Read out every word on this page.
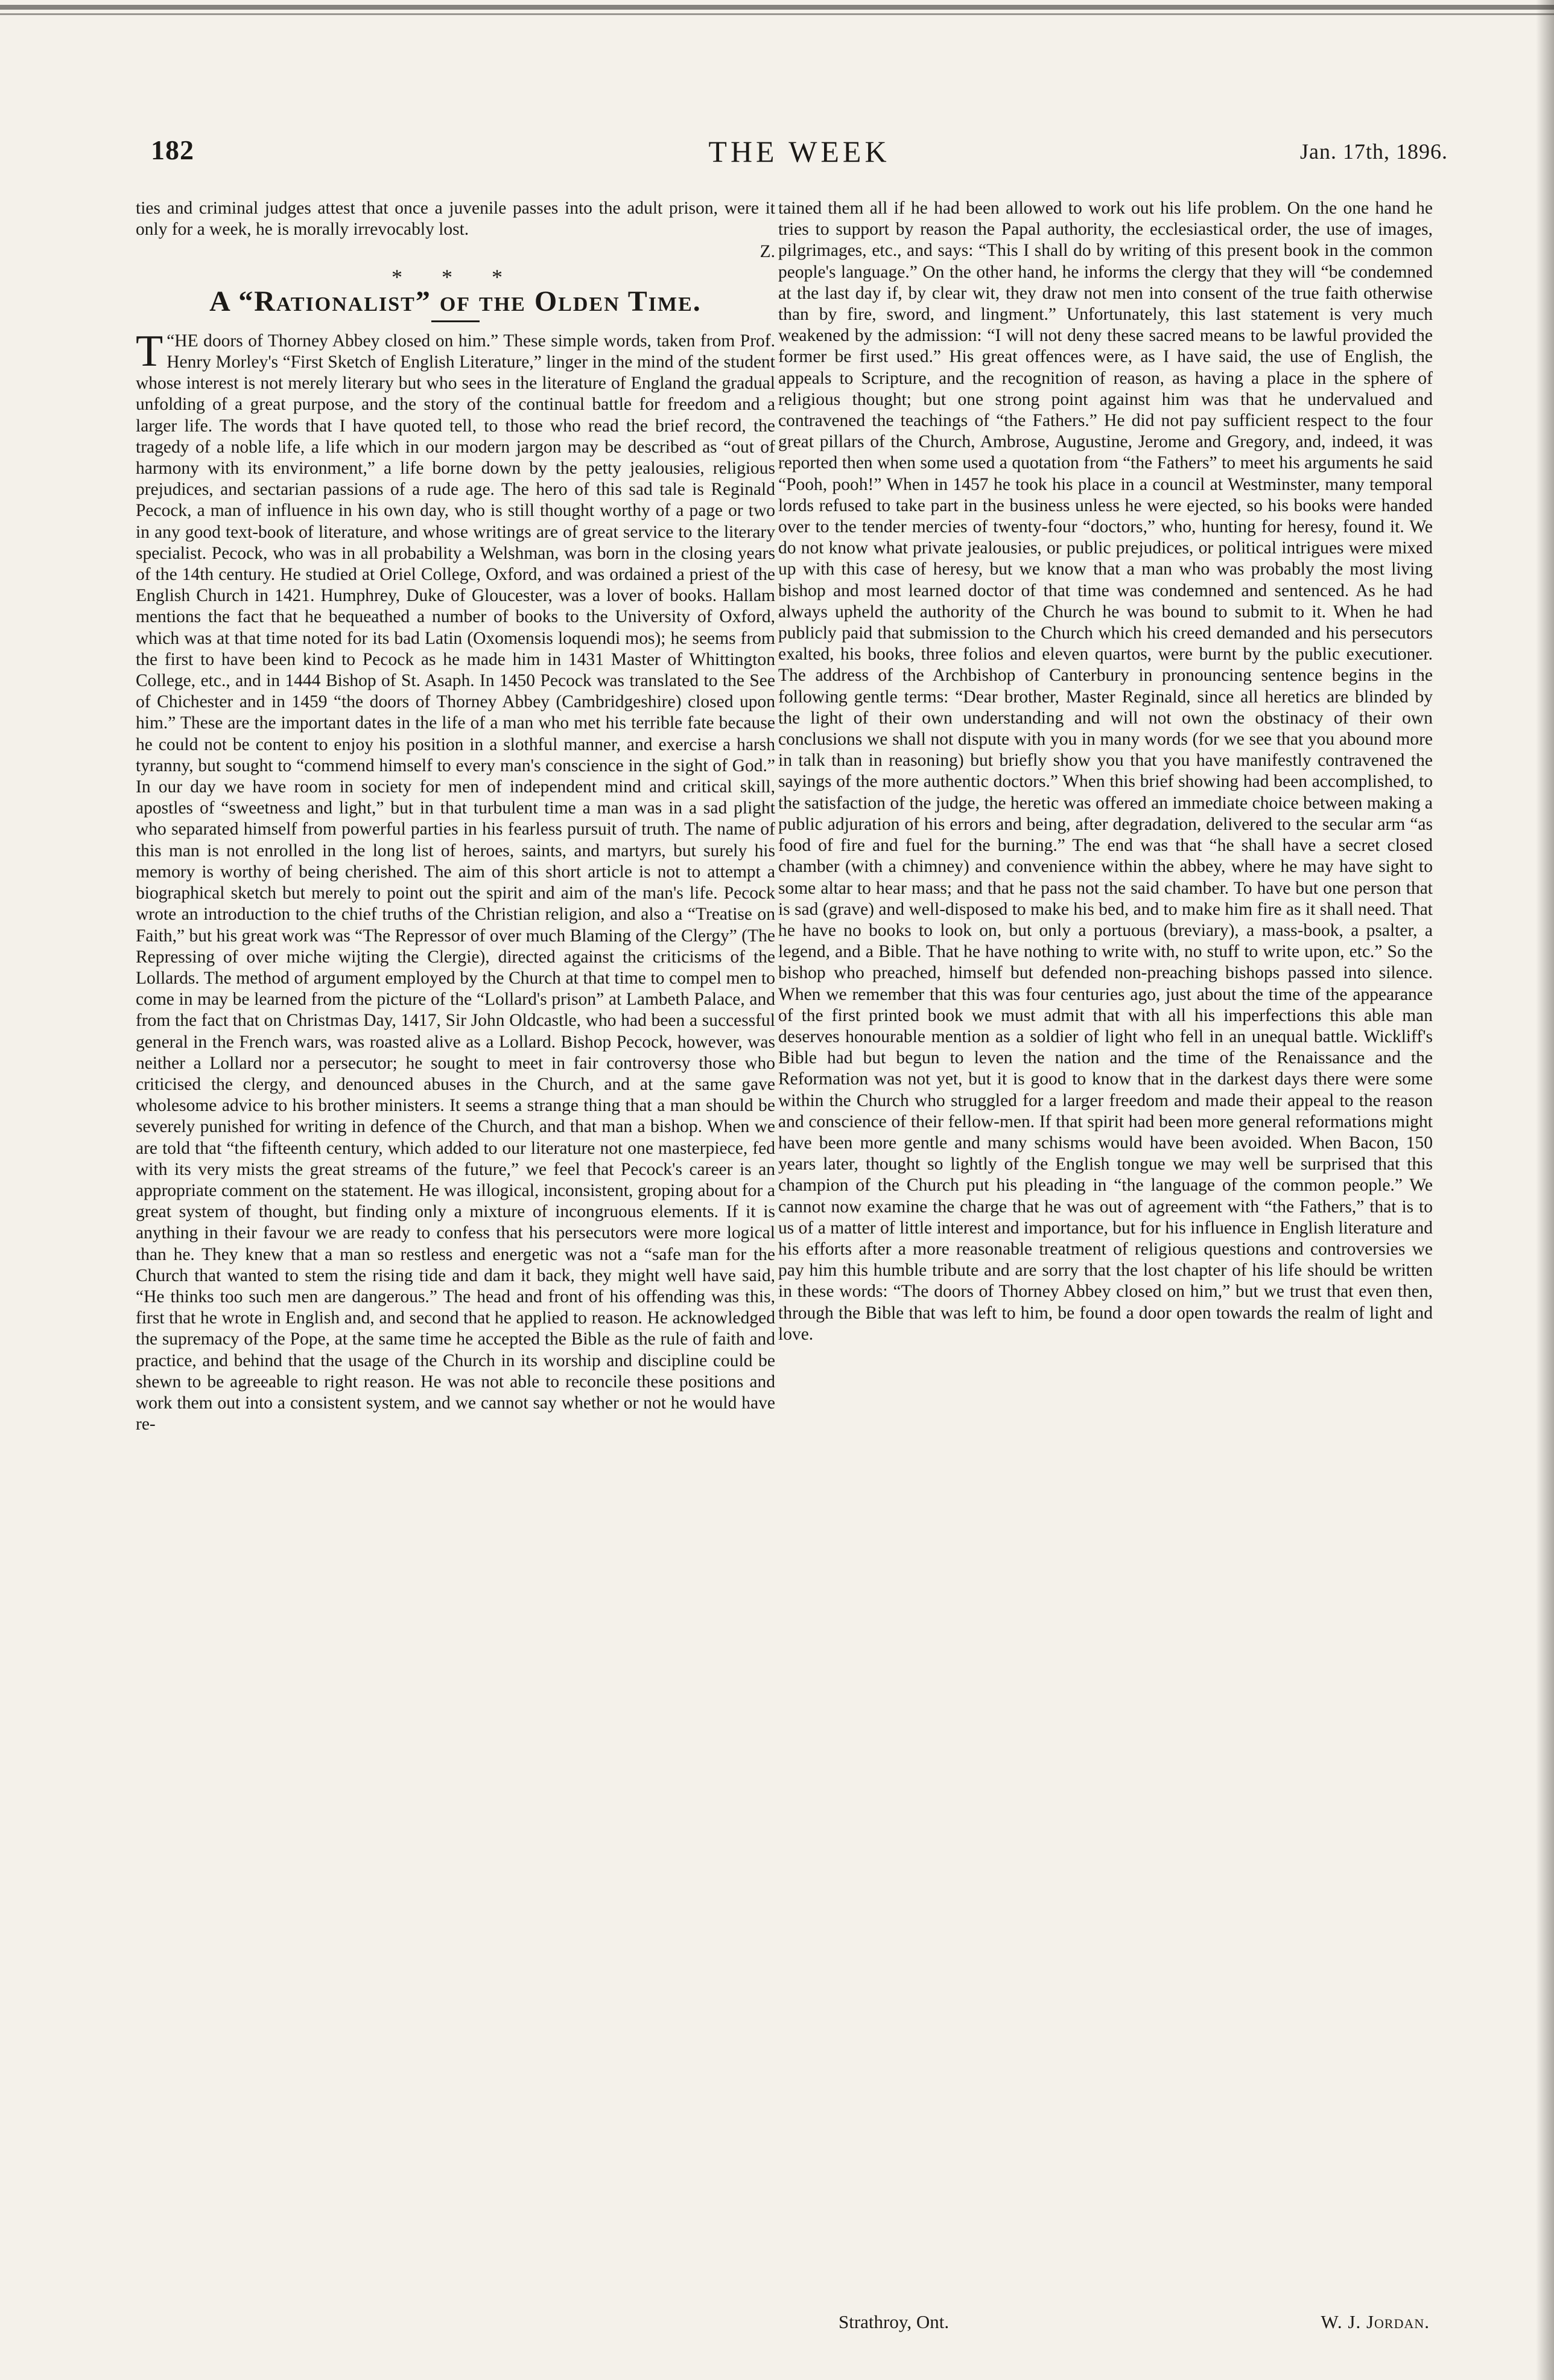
182	THE WEEK	Jan. 17th, 1896.

ties and criminal judges attest that once a juvenile passes into the adult prison, were it only for a week, he is morally irrevocably lost.

Z.
* * *
A “Rationalist” of the Olden Time.

T “HE doors of Thorney Abbey closed on him.” These simple words, taken from Prof. Henry Morley's “First Sketch of English Literature,” linger in the mind of the student whose interest is not merely literary but who sees in the literature of England the gradual unfolding of a great purpose, and the story of the continual battle for freedom and a larger life. The words that I have quoted tell, to those who read the brief record, the tragedy of a noble life, a life which in our modern jargon may be described as “out of harmony with its environment,” a life borne down by the petty jealousies, religious prejudices, and sectarian passions of a rude age. The hero of this sad tale is Reginald Pecock, a man of influence in his own day, who is still thought worthy of a page or two in any good text-book of literature, and whose writings are of great service to the literary specialist. Pecock, who was in all probability a Welshman, was born in the closing years of the 14th century. He studied at Oriel College, Oxford, and was ordained a priest of the English Church in 1421. Humphrey, Duke of Gloucester, was a lover of books. Hallam mentions the fact that he bequeathed a number of books to the University of Oxford, which was at that time noted for its bad Latin (Oxomensis loquendi mos); he seems from the first to have been kind to Pecock as he made him in 1431 Master of Whittington College, etc., and in 1444 Bishop of St. Asaph. In 1450 Pecock was translated to the See of Chichester and in 1459 “the doors of Thorney Abbey (Cambridgeshire) closed upon him.” These are the important dates in the life of a man who met his terrible fate because he could not be content to enjoy his position in a slothful manner, and exercise a harsh tyranny, but sought to “commend himself to every man's conscience in the sight of God.” In our day we have room in society for men of independent mind and critical skill, apostles of “sweetness and light,” but in that turbulent time a man was in a sad plight who separated himself from powerful parties in his fearless pursuit of truth. The name of this man is not enrolled in the long list of heroes, saints, and martyrs, but surely his memory is worthy of being cherished. The aim of this short article is not to attempt a biographical sketch but merely to point out the spirit and aim of the man's life. Pecock wrote an introduction to the chief truths of the Christian religion, and also a “Treatise on Faith,” but his great work was “The Repressor of over much Blaming of the Clergy” (The Repressing of over miche wijting the Clergie), directed against the criticisms of the Lollards. The method of argument employed by the Church at that time to compel men to come in may be learned from the picture of the “Lollard's prison” at Lambeth Palace, and from the fact that on Christmas Day, 1417, Sir John Oldcastle, who had been a successful general in the French wars, was roasted alive as a Lollard. Bishop Pecock, however, was neither a Lollard nor a persecutor; he sought to meet in fair controversy those who criticised the clergy, and denounced abuses in the Church, and at the same gave wholesome advice to his brother ministers. It seems a strange thing that a man should be severely punished for writing in defence of the Church, and that man a bishop. When we are told that “the fifteenth century, which added to our literature not one masterpiece, fed with its very mists the great streams of the future,” we feel that Pecock's career is an appropriate comment on the statement. He was illogical, inconsistent, groping about for a great system of thought, but finding only a mixture of incongruous elements. If it is anything in their favour we are ready to confess that his persecutors were more logical than he. They knew that a man so restless and energetic was not a “safe man for the Church that wanted to stem the rising tide and dam it back, they might well have said, “He thinks too such men are dangerous.” The head and front of his offending was this, first that he wrote in English and, and second that he applied to reason. He acknowledged the supremacy of the Pope, at the same time he accepted the Bible as the rule of faith and practice, and behind that the usage of the Church in its worship and discipline could be shewn to be agreeable to right reason. He was not able to reconcile these positions and work them out into a consistent system, and we cannot say whether or not he would have re-

tained them all if he had been allowed to work out his life problem. On the one hand he tries to support by reason the Papal authority, the ecclesiastical order, the use of images, pilgrimages, etc., and says: “This I shall do by writing of this present book in the common people's language.” On the other hand, he informs the clergy that they will “be condemned at the last day if, by clear wit, they draw not men into consent of the true faith otherwise than by fire, sword, and lingment.” Unfortunately, this last statement is very much weakened by the admission: “I will not deny these sacred means to be lawful provided the former be first used.” His great offences were, as I have said, the use of English, the appeals to Scripture, and the recognition of reason, as having a place in the sphere of religious thought; but one strong point against him was that he undervalued and contravened the teachings of “the Fathers.” He did not pay sufficient respect to the four great pillars of the Church, Ambrose, Augustine, Jerome and Gregory, and, indeed, it was reported then when some used a quotation from “the Fathers” to meet his arguments he said “Pooh, pooh!” When in 1457 he took his place in a council at Westminster, many temporal lords refused to take part in the business unless he were ejected, so his books were handed over to the tender mercies of twenty-four “doctors,” who, hunting for heresy, found it. We do not know what private jealousies, or public prejudices, or political intrigues were mixed up with this case of heresy, but we know that a man who was probably the most living bishop and most learned doctor of that time was condemned and sentenced. As he had always upheld the authority of the Church he was bound to submit to it. When he had publicly paid that submission to the Church which his creed demanded and his persecutors exalted, his books, three folios and eleven quartos, were burnt by the public executioner. The address of the Archbishop of Canterbury in pronouncing sentence begins in the following gentle terms: “Dear brother, Master Reginald, since all heretics are blinded by the light of their own understanding and will not own the obstinacy of their own conclusions we shall not dispute with you in many words (for we see that you abound more in talk than in reasoning) but briefly show you that you have manifestly contravened the sayings of the more authentic doctors.” When this brief showing had been accomplished, to the satisfaction of the judge, the heretic was offered an immediate choice between making a public adjuration of his errors and being, after degradation, delivered to the secular arm “as food of fire and fuel for the burning.” The end was that “he shall have a secret closed chamber (with a chimney) and convenience within the abbey, where he may have sight to some altar to hear mass; and that he pass not the said chamber. To have but one person that is sad (grave) and well-disposed to make his bed, and to make him fire as it shall need. That he have no books to look on, but only a portuous (breviary), a mass-book, a psalter, a legend, and a Bible. That he have nothing to write with, no stuff to write upon, etc.” So the bishop who preached, himself but defended non-preaching bishops passed into silence. When we remember that this was four centuries ago, just about the time of the appearance of the first printed book we must admit that with all his imperfections this able man deserves honourable mention as a soldier of light who fell in an unequal battle. Wickliff's Bible had but begun to leven the nation and the time of the Renaissance and the Reformation was not yet, but it is good to know that in the darkest days there were some within the Church who struggled for a larger freedom and made their appeal to the reason and conscience of their fellow-men. If that spirit had been more general reformations might have been more gentle and many schisms would have been avoided. When Bacon, 150 years later, thought so lightly of the English tongue we may well be surprised that this champion of the Church put his pleading in “the language of the common people.” We cannot now examine the charge that he was out of agreement with “the Fathers,” that is to us of a matter of little interest and importance, but for his influence in English literature and his efforts after a more reasonable treatment of religious questions and controversies we pay him this humble tribute and are sorry that the lost chapter of his life should be written in these words: “The doors of Thorney Abbey closed on him,” but we trust that even then, through the Bible that was left to him, be found a door open towards the realm of light and love.

Strathroy, Ont.	W. J. Jordan.
